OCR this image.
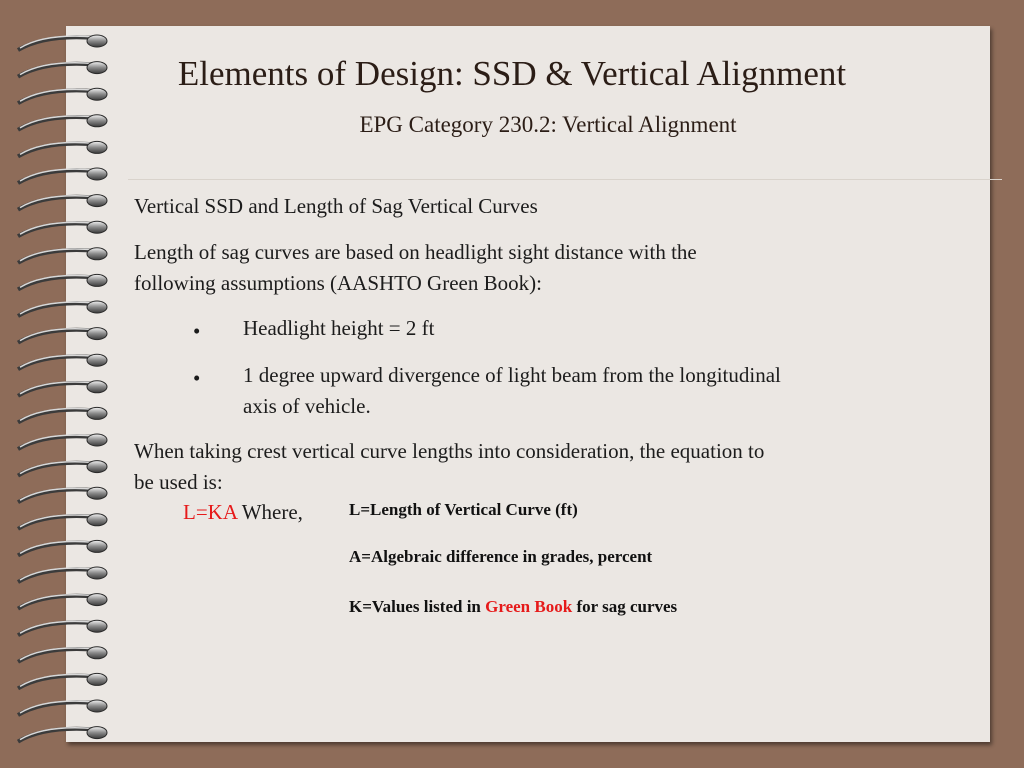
Elements of Design: SSD & Vertical Alignment
EPG Category 230.2: Vertical Alignment
Vertical SSD and Length of Sag Vertical Curves
Length of sag curves are based on headlight sight distance with the
following assumptions (AASHTO Green Book):
• Headlight height = 2 ft
• 1 degree upward divergence of light beam from the longitudinal
axis of vehicle.
When taking crest vertical curve lengths into consideration, the equation to
be used is:
L=KA Where,	L=Length of Vertical Curve (ft)
A=Algebraic difference in grades, percent
K=Values listed in Green Book for sag curves
